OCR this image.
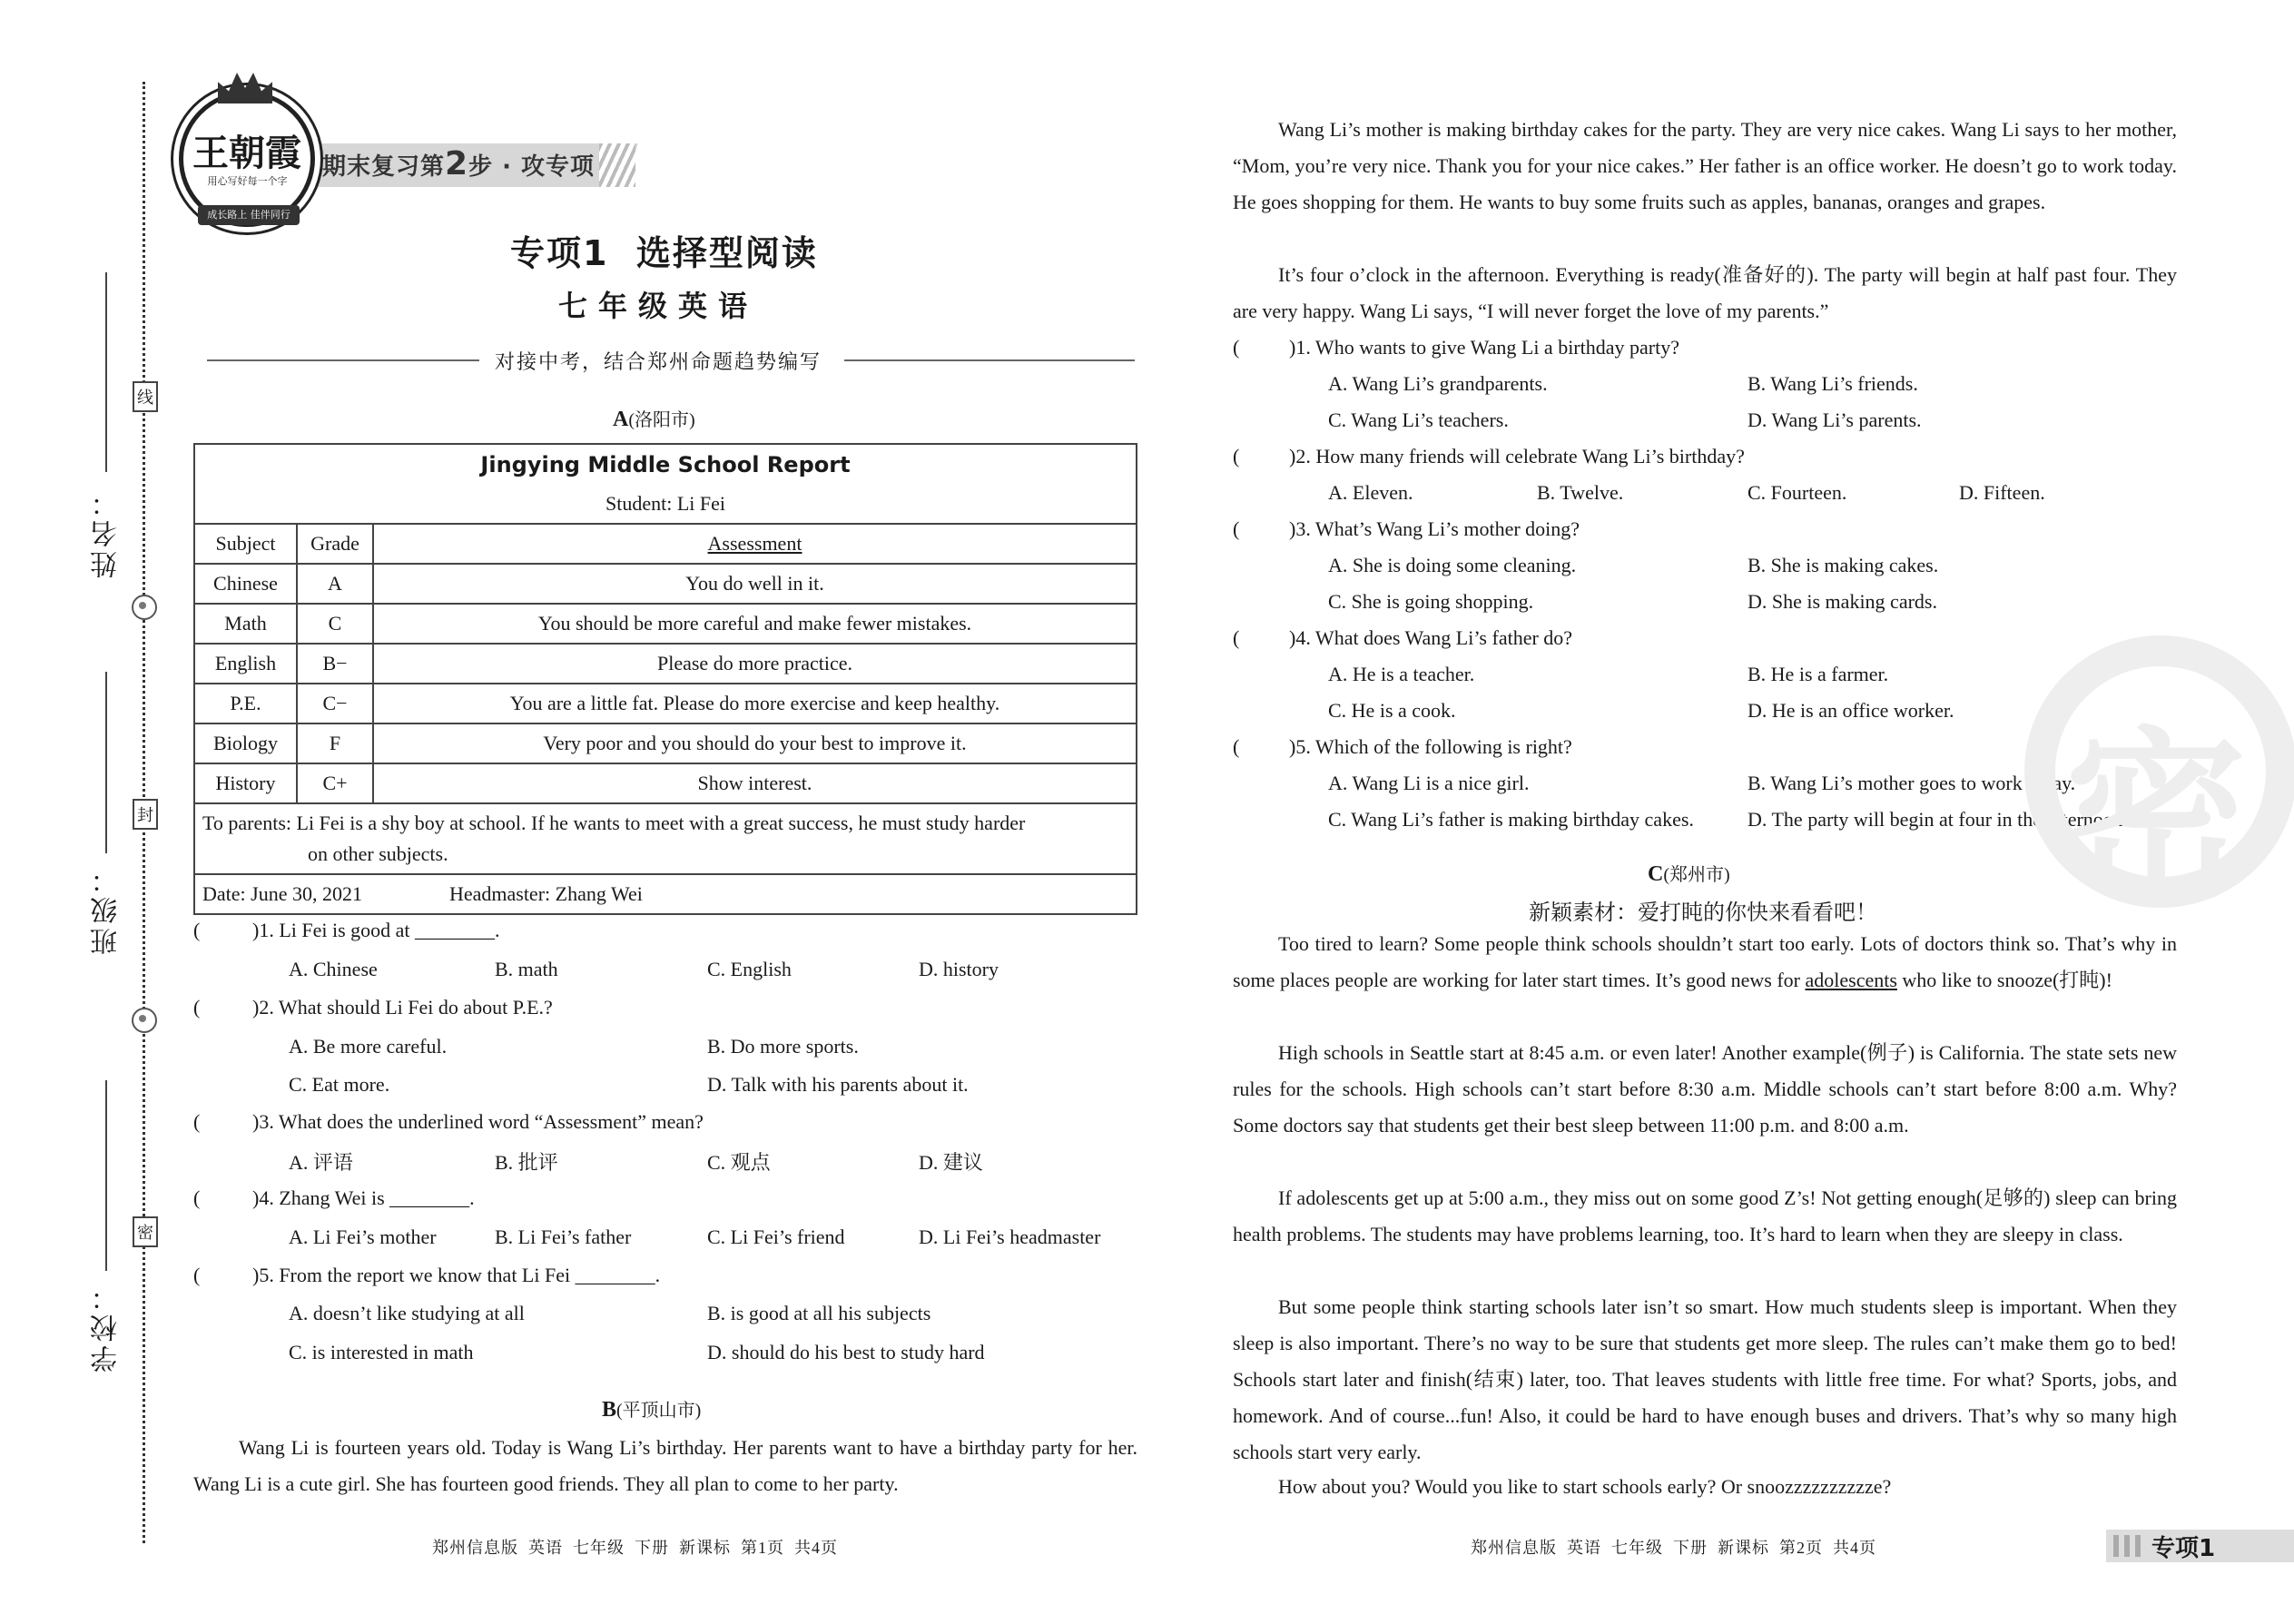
姓名：
班级：
学校：
线
封
密
期末复习第2步 · 攻专项
王朝霞
用心写好每一个字
成长路上 佳伴同行
专项1  选择型阅读
七年级英语
对接中考，结合郑州命题趋势编写
A(洛阳市)
Jingying Middle School Report		
Student: Li Fei		
Subject	Grade	Assessment
Chinese	A	You do well in it.
Math	C	You should be more careful and make fewer mistakes.
English	B−	Please do more practice.
P.E.	C−	You are a little fat. Please do more exercise and keep healthy.
Biology	F	Very poor and you should do your best to improve it.
History	C+	Show interest.

To parents: Li Fei is a shy boy at school. If he wants to meet with a great success, he must study harder
on other subjects.		

Date: June 30, 2021 Headmaster: Zhang Wei		
(	)1. Li Fei is good at ________.
A. Chinese	B. math	C. English	D. history
(	)2. What should Li Fei do about P.E.?
A. Be more careful.	B. Do more sports.
C. Eat more.	D. Talk with his parents about it.
(	)3. What does the underlined word “Assessment” mean?
A. 评语	B. 批评	C. 观点	D. 建议
(	)4. Zhang Wei is ________.
A. Li Fei’s mother	B. Li Fei’s father	C. Li Fei’s friend	D. Li Fei’s headmaster
(	)5. From the report we know that Li Fei ________.
A. doesn’t like studying at all	B. is good at all his subjects
C. is interested in math	D. should do his best to study hard
B(平顶山市)
Wang Li is fourteen years old. Today is Wang Li’s birthday. Her parents want to have a birthday party for her. Wang Li is a cute girl. She has fourteen good friends. They all plan to come to her party.
Wang Li’s mother is making birthday cakes for the party. They are very nice cakes. Wang Li says to her mother, “Mom, you’re very nice. Thank you for your nice cakes.” Her father is an office worker. He doesn’t go to work today. He goes shopping for them. He wants to buy some fruits such as apples, bananas, oranges and grapes.
It’s four o’clock in the afternoon. Everything is ready(准备好的). The party will begin at half past four. They are very happy. Wang Li says, “I will never forget the love of my parents.”
( )1. Who wants to give Wang Li a birthday party?
A. Wang Li’s grandparents.	B. Wang Li’s friends.
C. Wang Li’s teachers.	D. Wang Li’s parents.
( )2. How many friends will celebrate Wang Li’s birthday?
A. Eleven.	B. Twelve.	C. Fourteen.	D. Fifteen.
( )3. What’s Wang Li’s mother doing?
A. She is doing some cleaning.	B. She is making cakes.
C. She is going shopping.	D. She is making cards.
( )4. What does Wang Li’s father do?
A. He is a teacher.	B. He is a farmer.
C. He is a cook.	D. He is an office worker.
( )5. Which of the following is right?
A. Wang Li is a nice girl.	B. Wang Li’s mother goes to work today.
C. Wang Li’s father is making birthday cakes.	D. The party will begin at four in the afternoon.
C(郑州市)
新颖素材：爱打盹的你快来看看吧！
Too tired to learn? Some people think schools shouldn’t start too early. Lots of doctors think so. That’s why in some places people are working for later start times. It’s good news for adolescents who like to snooze(打盹)!
High schools in Seattle start at 8:45 a.m. or even later! Another example(例子) is California. The state sets new rules for the schools. High schools can’t start before 8:30 a.m. Middle schools can’t start before 8:00 a.m. Why? Some doctors say that students get their best sleep between 11:00 p.m. and 8:00 a.m.
If adolescents get up at 5:00 a.m., they miss out on some good Z’s! Not getting enough(足够的) sleep can bring health problems. The students may have problems learning, too. It’s hard to learn when they are sleepy in class.
But some people think starting schools later isn’t so smart. How much students sleep is important. When they sleep is also important. There’s no way to be sure that students get more sleep. The rules can’t make them go to bed! Schools start later and finish(结束) later, too. That leaves students with little free time. For what? Sports, jobs, and homework. And of course...fun! Also, it could be hard to have enough buses and drivers. That’s why so many high schools start very early.
How about you? Would you like to start schools early? Or snoozzzzzzzzzze?
密
郑州信息版  英语  七年级  下册  新课标  第1页  共4页	郑州信息版  英语  七年级  下册  新课标  第2页  共4页	专项1
